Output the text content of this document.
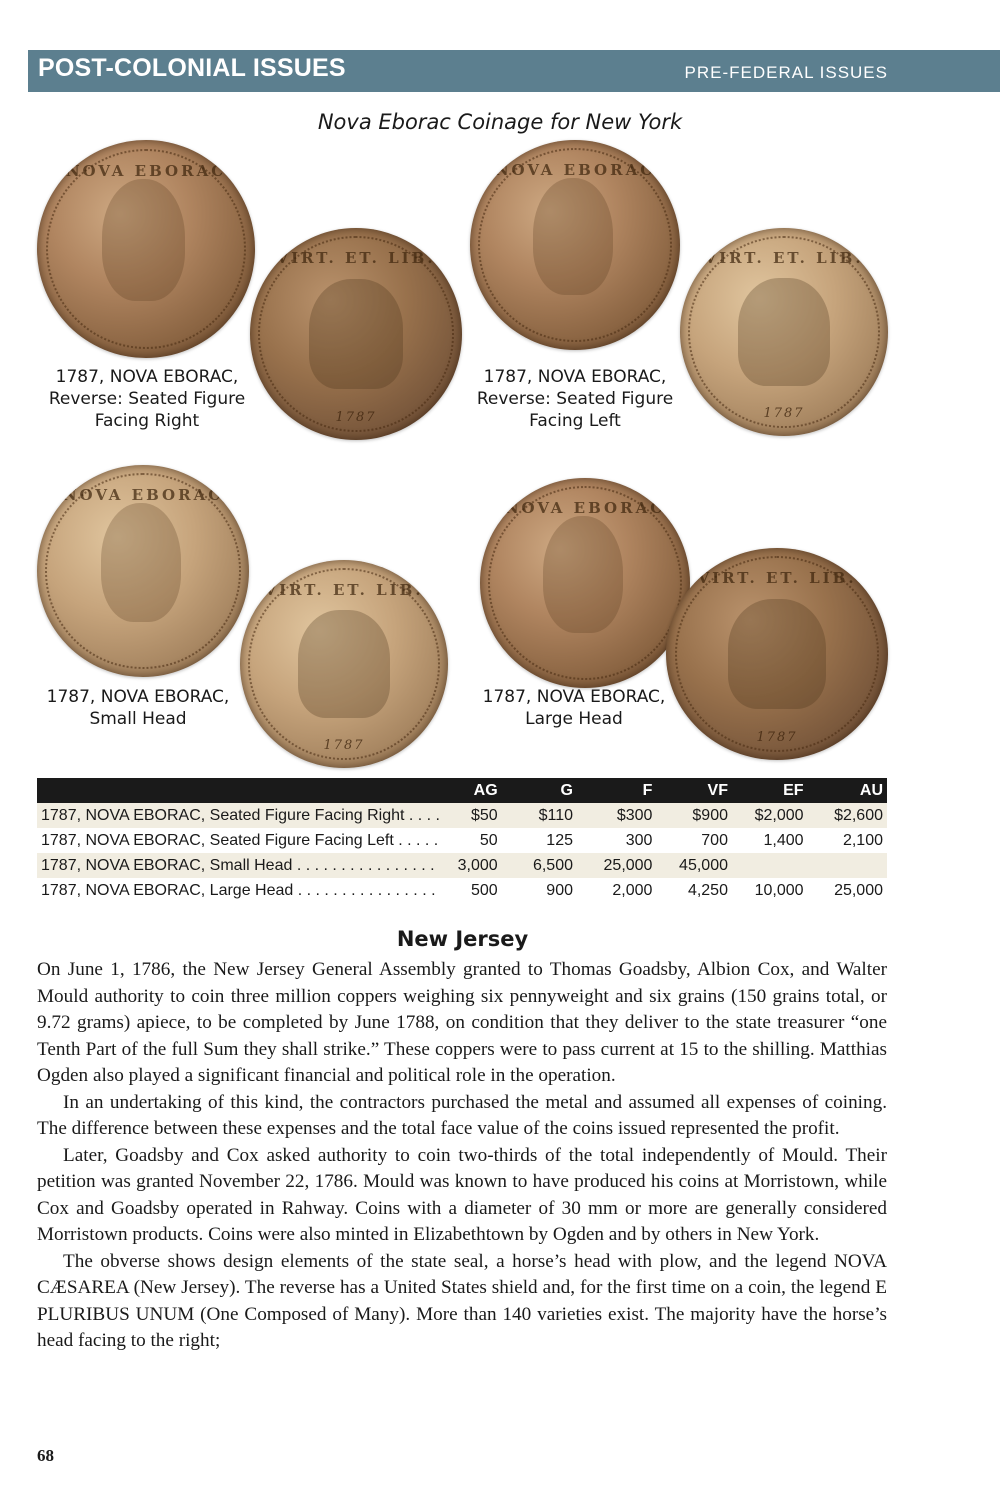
POST-COLONIAL ISSUES	PRE-FEDERAL ISSUES
Nova Eborac Coinage for New York
NOVA EBORAC
VIRT. ET. LIB.
1787
1787, NOVA EBORAC,
Reverse: Seated Figure
Facing Right
NOVA EBORAC
VIRT. ET. LIB.
1787
1787, NOVA EBORAC,
Reverse: Seated Figure
Facing Left
NOVA EBORAC
VIRT. ET. LIB.
1787
1787, NOVA EBORAC,
Small Head
NOVA EBORAC
VIRT. ET. LIB.
1787
1787, NOVA EBORAC,
Large Head
	AG	G	F	VF	EF	AU
1787, NOVA EBORAC, Seated Figure Facing Right . . . .	$50	$110	$300	$900	$2,000	$2,600
1787, NOVA EBORAC, Seated Figure Facing Left . . . . .	50	125	300	700	1,400	2,100
1787, NOVA EBORAC, Small Head . . . . . . . . . . . . . . . .	3,000	6,500	25,000	45,000		
1787, NOVA EBORAC, Large Head . . . . . . . . . . . . . . . .	500	900	2,000	4,250	10,000	25,000
New Jersey

On June 1, 1786, the New Jersey General Assembly granted to Thomas Goadsby, Albion Cox, and Walter Mould authority to coin three million coppers weighing six pennyweight and six grains (150 grains total, or 9.72 grams) apiece, to be completed by June 1788, on condition that they deliver to the state treasurer “one Tenth Part of the full Sum they shall strike.” These coppers were to pass current at 15 to the shilling. Matthias Ogden also played a significant financial and political role in the operation.

In an undertaking of this kind, the contractors purchased the metal and assumed all expenses of coining. The difference between these expenses and the total face value of the coins issued represented the profit.

Later, Goadsby and Cox asked authority to coin two-thirds of the total independently of Mould. Their petition was granted November 22, 1786. Mould was known to have produced his coins at Morristown, while Cox and Goadsby operated in Rahway. Coins with a diameter of 30 mm or more are generally considered Morristown products. Coins were also minted in Elizabethtown by Ogden and by others in New York.

The obverse shows design elements of the state seal, a horse’s head with plow, and the legend NOVA CÆSAREA (New Jersey). The reverse has a United States shield and, for the first time on a coin, the legend E PLURIBUS UNUM (One Composed of Many). More than 140 varieties exist. The majority have the horse’s head facing to the right;

68
